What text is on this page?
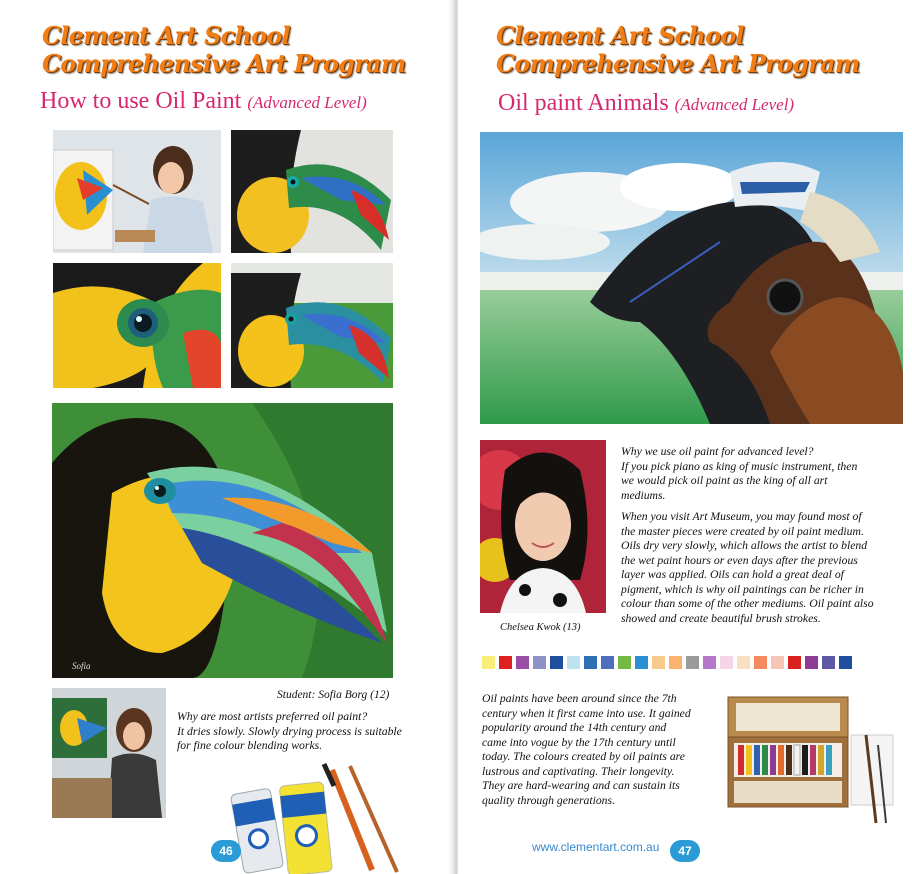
Clement Art School
Comprehensive Art Program
How to use Oil Paint (Advanced Level)
Sofia
Student: Sofia Borg (12)

Why are most artists preferred oil paint?
It dries slowly. Slowly drying process is suitable
for fine colour blending works.

46
Clement Art School
Comprehensive Art Program
Oil paint Animals (Advanced Level)
Chelsea Kwok (13)

Why we use oil paint for advanced level?
If you pick piano as king of music instrument, then
we would pick oil paint as the king of all art
mediums.

When you visit Art Museum, you may found most of
the master pieces were created by oil paint medium.
Oils dry very slowly, which allows the artist to blend
the wet paint hours or even days after the previous
layer was applied. Oils can hold a great deal of
pigment, which is why oil paintings can be richer in
colour than some of the other mediums. Oil paint also
showed and create beautiful brush strokes.

Oil paints have been around since the 7th
century when it first came into use. It gained
popularity around the 14th century and
came into vogue by the 17th century until
today. The colours created by oil paints are
lustrous and captivating. Their longevity.
They are hard-wearing and can sustain its
quality through generations.

www.clementart.com.au	47
